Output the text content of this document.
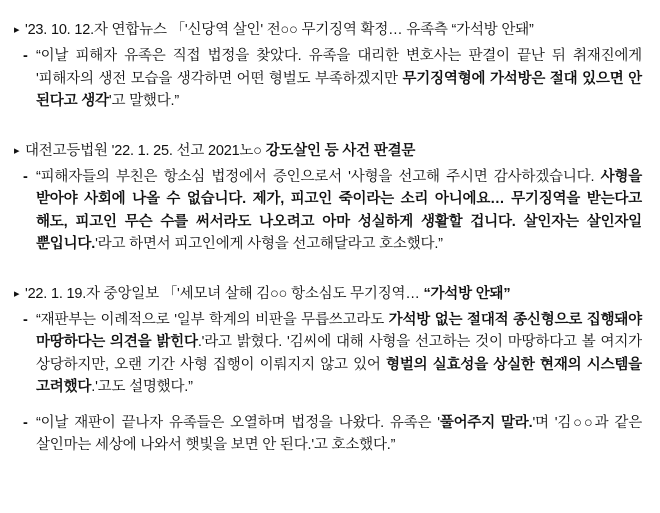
▸ '23. 10. 12.자 연합뉴스 「'신당역 살인' 전○○ 무기징역 확정… 유족측 “가석방 안돼”
- “이날 피해자 유족은 직접 법정을 찾았다. 유족을 대리한 변호사는 판결이 끝난 뒤 취재진에게 '피해자의 생전 모습을 생각하면 어떤 형벌도 부족하겠지만 무기징역형에 가석방은 절대 있으면 안 된다고 생각'고 말했다.”
▸ 대전고등법원 '22. 1. 25. 선고 2021노○ 강도살인 등 사건 판결문
- “피해자들의 부친은 항소심 법정에서 증인으로서 '사형을 선고해 주시면 감사하겠습니다. 사형을 받아야 사회에 나올 수 없습니다. 제가, 피고인 죽이라는 소리 아니에요… 무기징역을 받는다고 해도, 피고인 무슨 수를 써서라도 나오려고 아마 성실하게 생활할 겁니다. 살인자는 살인자일 뿐입니다.'라고 하면서 피고인에게 사형을 선고해달라고 호소했다.”
▸ '22. 1. 19.자 중앙일보 「'세모녀 살해 김○○ 항소심도 무기징역… “가석방 안돼”
- “재판부는 이례적으로 '일부 학계의 비판을 무릅쓰고라도 가석방 없는 절대적 종신형으로 집행돼야 마땅하다는 의견을 밝힌다.'라고 밝혔다. '김씨에 대해 사형을 선고하는 것이 마땅하다고 볼 여지가 상당하지만, 오랜 기간 사형 집행이 이뤄지지 않고 있어 형벌의 실효성을 상실한 현재의 시스템을 고려했다.'고도 설명했다.”
- “이날 재판이 끝나자 유족들은 오열하며 법정을 나왔다. 유족은 '풀어주지 말라.'며 '김○○과 같은 살인마는 세상에 나와서 햇빛을 보면 안 된다.'고 호소했다.”
